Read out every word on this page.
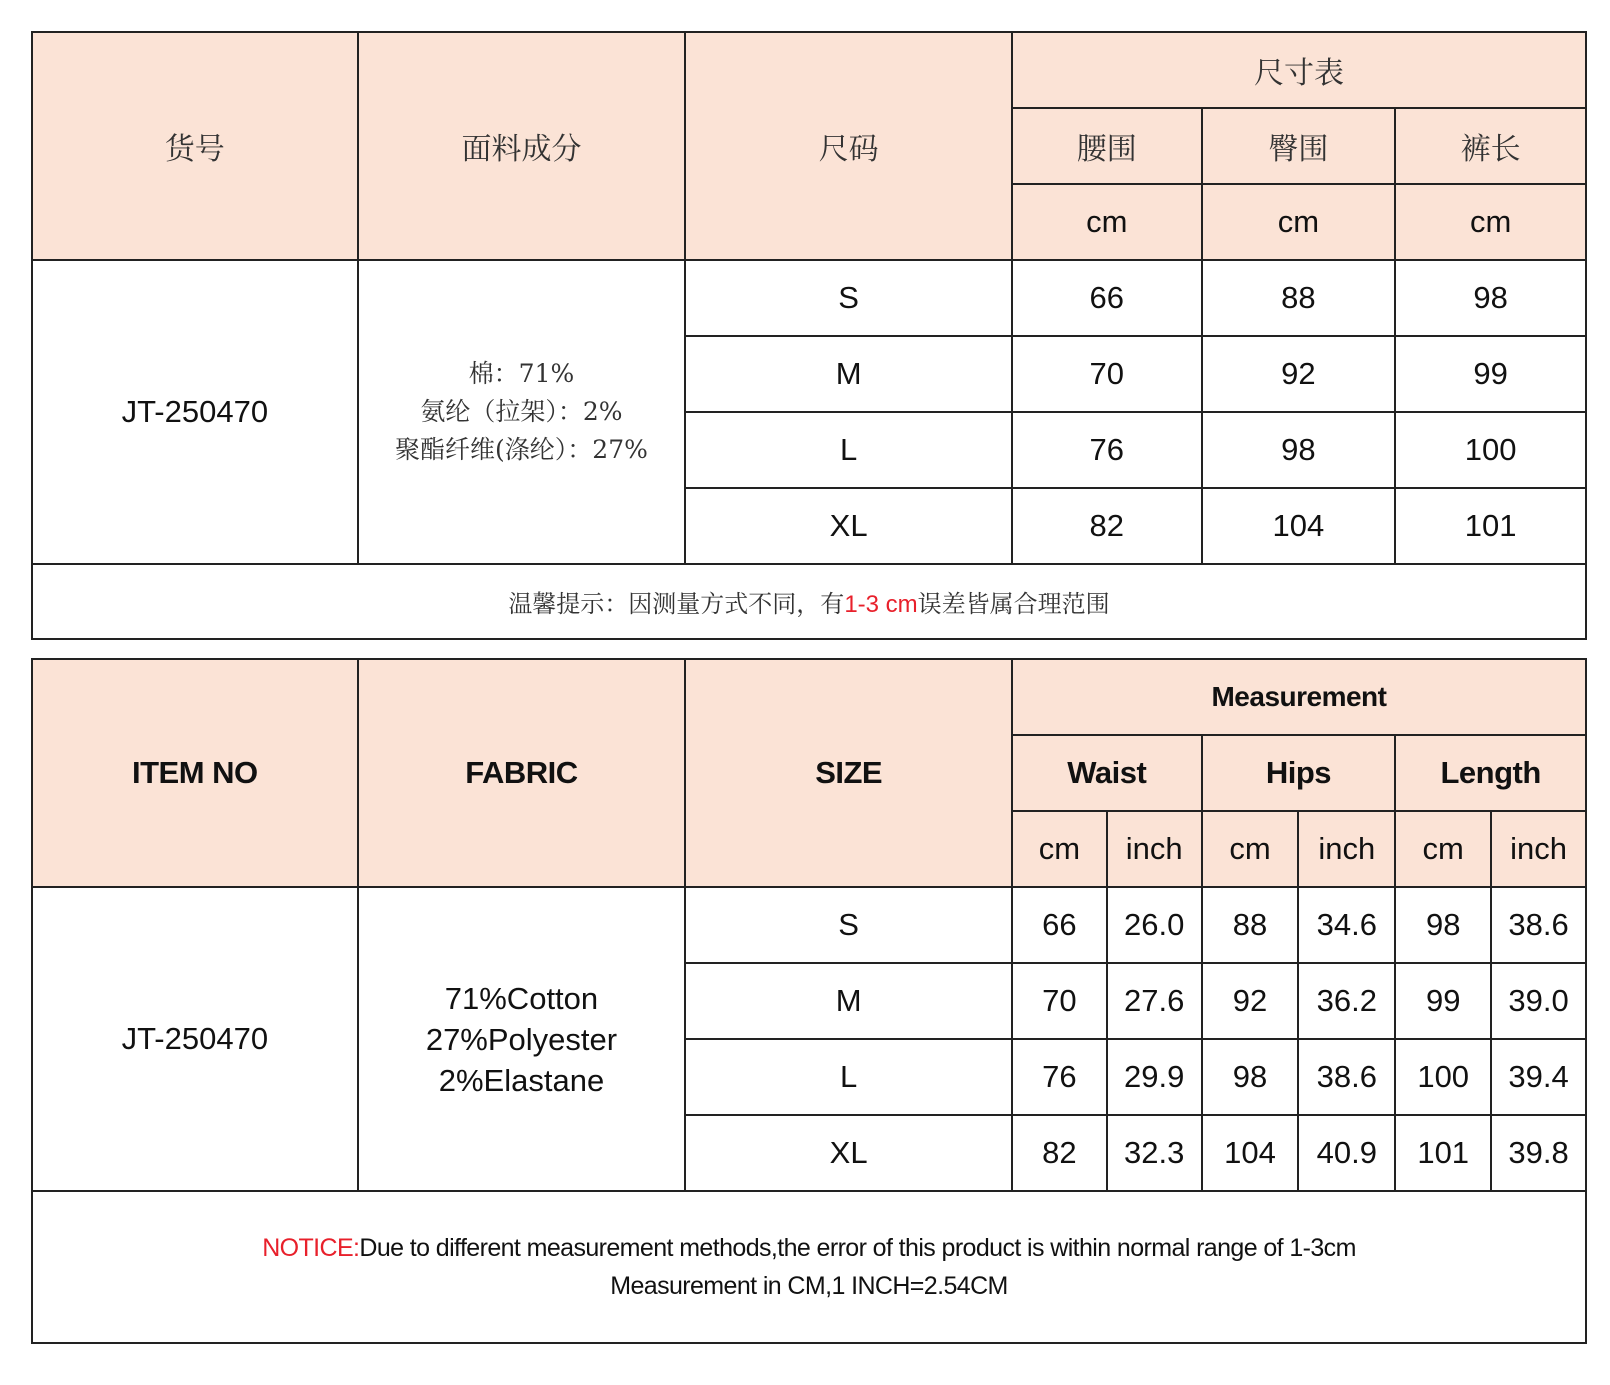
货号	面料成分	尺码	尺寸表		
			腰围	臀围	裤长
			cm	cm	cm
JT-250470	棉：71%
氨纶（拉架）：2%
聚酯纤维(涤纶）：27%	S	66	88	98
		M	70	92	99
		L	76	98	100
		XL	82	104	101
温馨提示：因测量方式不同，有1-3 cm误差皆属合理范围					
ITEM NO	FABRIC	SIZE	Measurement					
			Waist		Hips		Length	
			cm	inch	cm	inch	cm	inch
JT-250470	71%Cotton
27%Polyester
2%Elastane	S	66	26.0	88	34.6	98	38.6
		M	70	27.6	92	36.2	99	39.0
		L	76	29.9	98	38.6	100	39.4
		XL	82	32.3	104	40.9	101	39.8

NOTICE:Due to different measurement methods,the error of this product is within normal range of 1-3cm
Measurement in CM,1 INCH=2.54CM								
